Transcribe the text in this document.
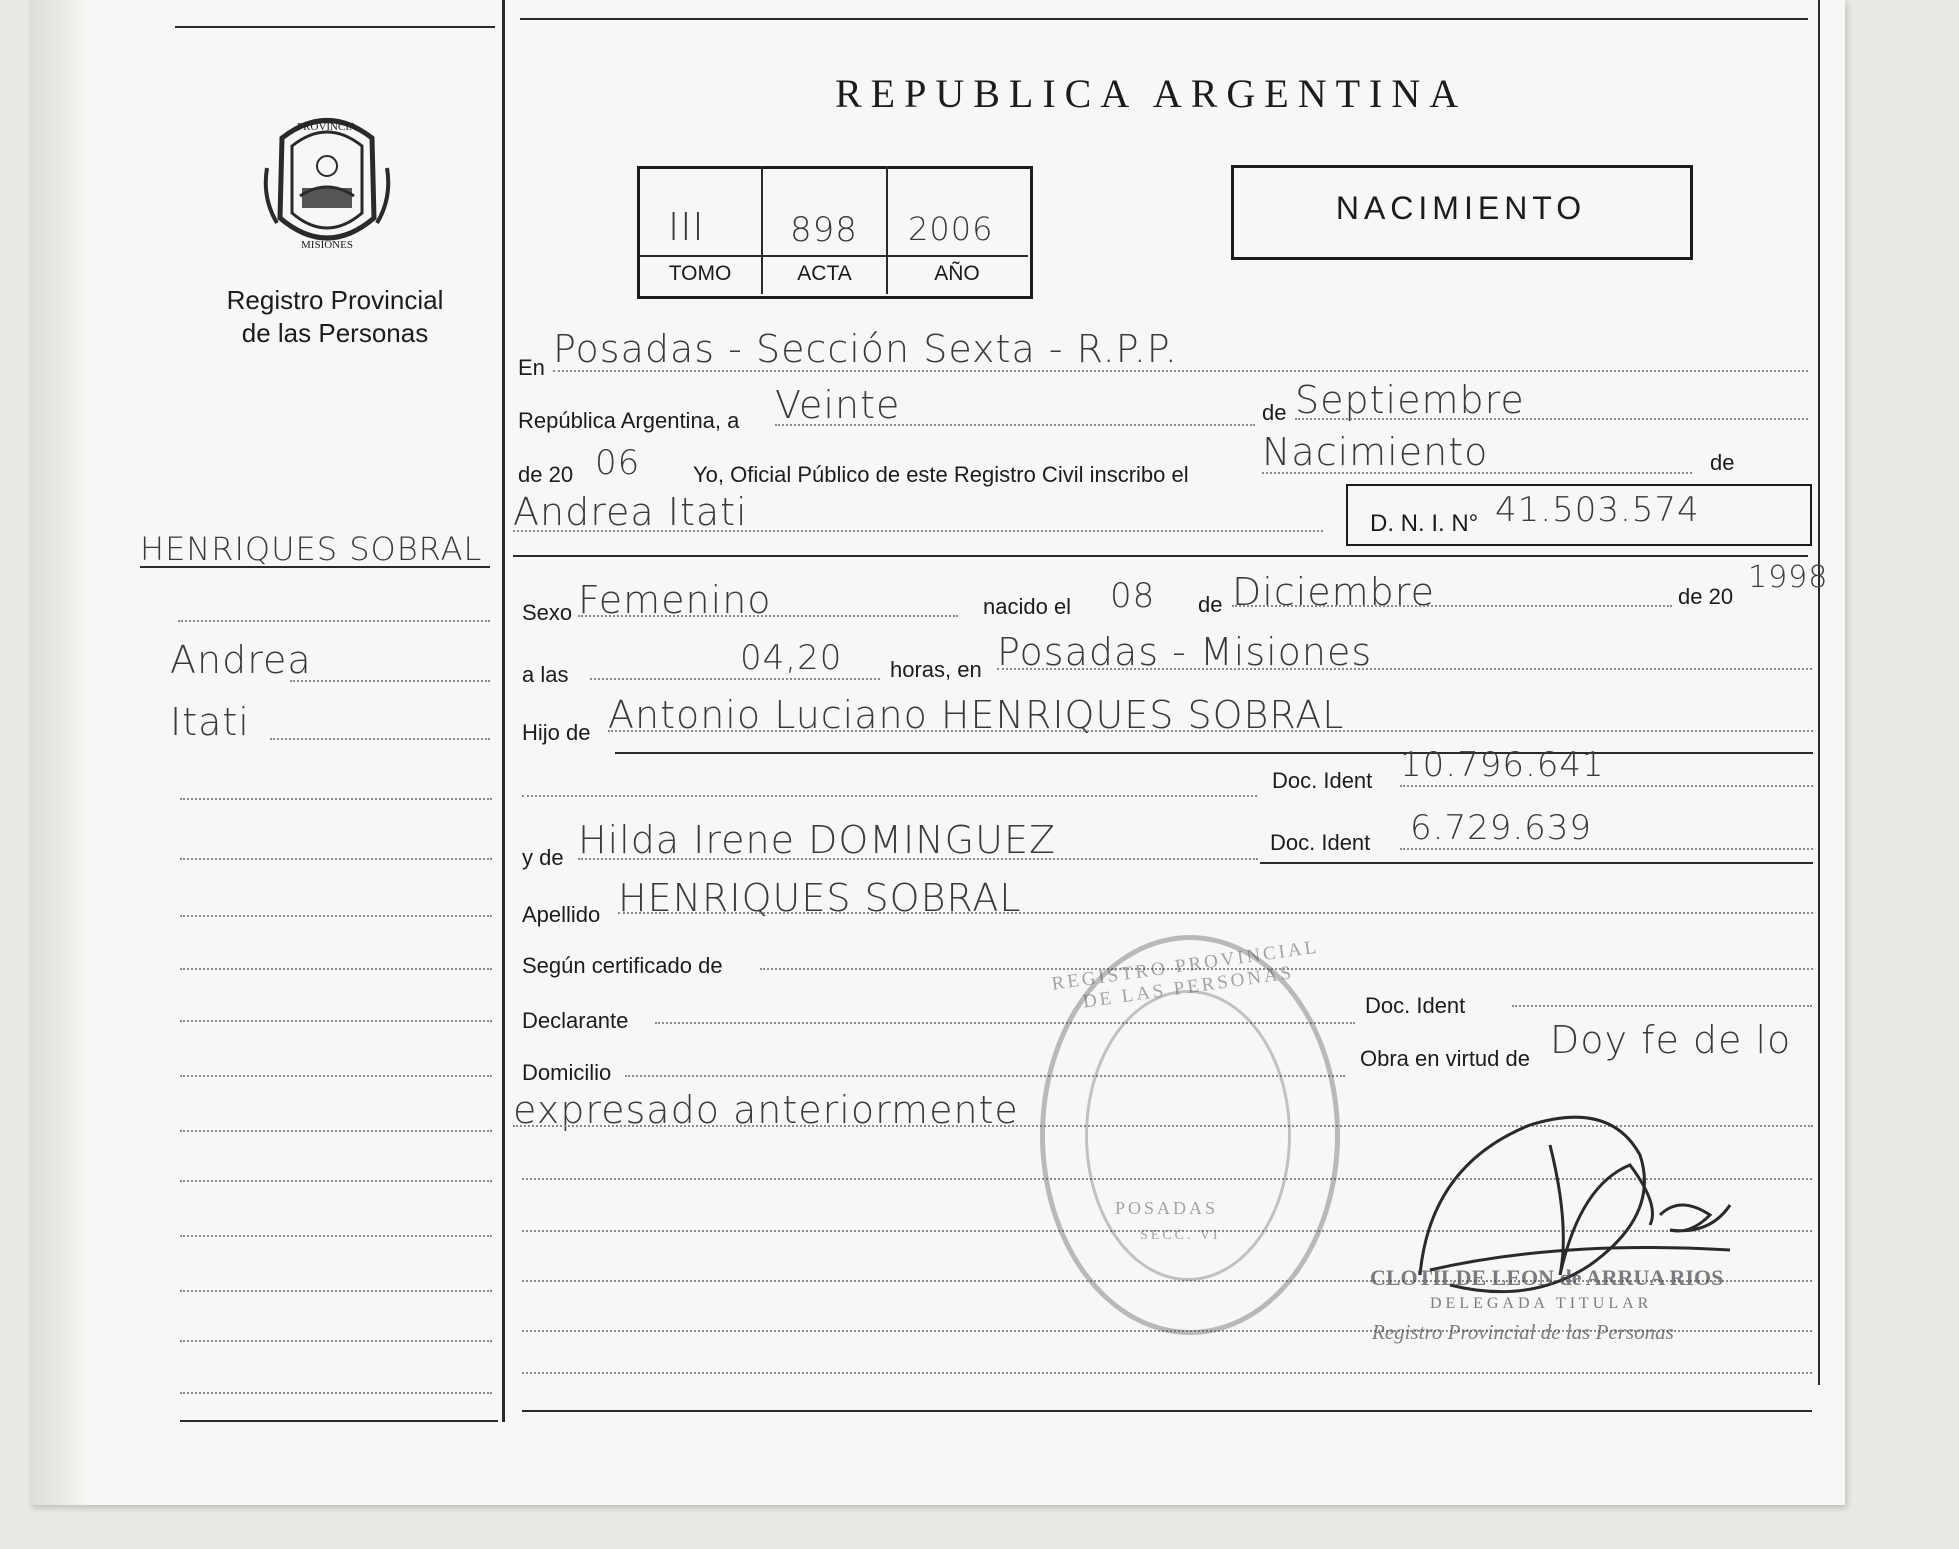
PROVINCIA
MISIONES
Registro Provincial
de las Personas
REPUBLICA ARGENTINA
III	898 2006
TOMO	ACTA	AÑO
NACIMIENTO
HENRIQUES SOBRAL
Andrea
Itati
En Posadas - Sección Sexta - R.P.P.
República Argentina, a Veinte	de Septiembre
de 20 06 Yo, Oficial Público de este Registro Civil inscribo el
Nacimiento	de
Andrea Itati	D. N. I. N° 41.503.574
Sexo Femenino	nacido el 08 de Diciembre	de 20
1998
a las	04,20 horas, en Posadas - Misiones
Hijo de Antonio Luciano HENRIQUES SOBRAL
Doc. Ident 10.796.641
y de Hilda Irene DOMINGUEZ	Doc. Ident 6.729.639
Apellido HENRIQUES SOBRAL
Según certificado de
Declarante
Doc. Ident
Domicilio
Obra en virtud de Doy fe de lo
expresado anteriormente
REGISTRO PROVINCIAL DE LAS PERSONAS
POSADAS
SECC. VI
CLOTILDE LEON de ARRUA RIOS
DELEGADA TITULAR
Registro Provincial de las Personas
